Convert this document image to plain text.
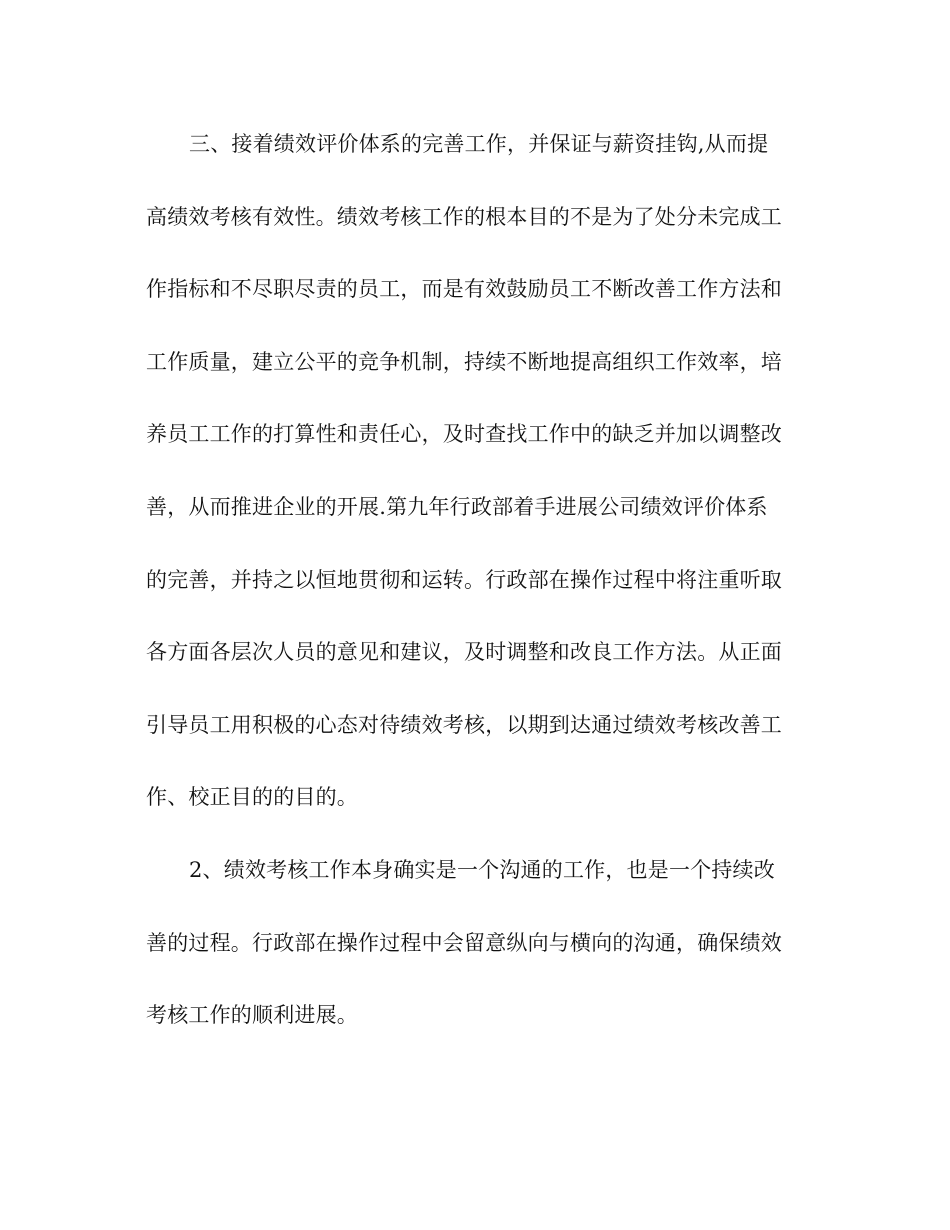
三、接着绩效评价体系的完善工作，并保证与薪资挂钩,从而提
高绩效考核有效性。绩效考核工作的根本目的不是为了处分未完成工
作指标和不尽职尽责的员工，而是有效鼓励员工不断改善工作方法和
工作质量，建立公平的竞争机制，持续不断地提高组织工作效率，培
养员工工作的打算性和责任心，及时查找工作中的缺乏并加以调整改
善，从而推进企业的开展.第九年行政部着手进展公司绩效评价体系
的完善，并持之以恒地贯彻和运转。行政部在操作过程中将注重听取
各方面各层次人员的意见和建议，及时调整和改良工作方法。从正面
引导员工用积极的心态对待绩效考核，以期到达通过绩效考核改善工
作、校正目的的目的。
2、绩效考核工作本身确实是一个沟通的工作，也是一个持续改
善的过程。行政部在操作过程中会留意纵向与横向的沟通，确保绩效
考核工作的顺利进展。
